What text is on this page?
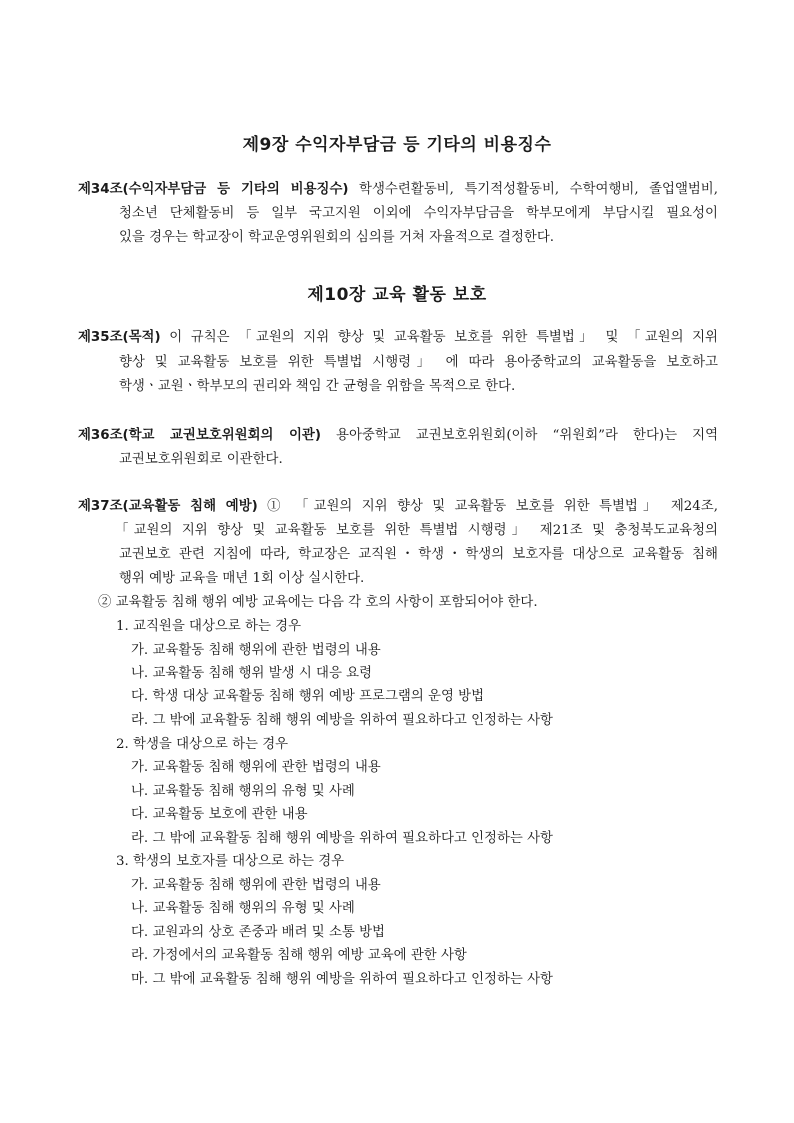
제9장 수익자부담금 등 기타의 비용징수
제34조(수익자부담금 등 기타의 비용징수) 학생수련활동비, 특기적성활동비, 수학여행비, 졸업앨범비,
청소년 단체활동비 등 일부 국고지원 이외에 수익자부담금을 학부모에게 부담시킬 필요성이
있을 경우는 학교장이 학교운영위원회의 심의를 거쳐 자율적으로 결정한다.
제10장 교육 활동 보호
제35조(목적) 이 규칙은 「교원의 지위 향상 및 교육활동 보호를 위한 특별법」 및 「교원의 지위
향상 및 교육활동 보호를 위한 특별법 시행령」 에 따라 용아중학교의 교육활동을 보호하고
학생ㆍ교원ㆍ학부모의 권리와 책임 간 균형을 위함을 목적으로 한다.
제36조(학교 교권보호위원회의 이관) 용아중학교 교권보호위원회(이하 “위원회”라 한다)는 지역
교권보호위원회로 이관한다.
제37조(교육활동 침해 예방) ① 「교원의 지위 향상 및 교육활동 보호를 위한 특별법」 제24조,
「교원의 지위 향상 및 교육활동 보호를 위한 특별법 시행령」 제21조 및 충청북도교육청의
교권보호 관련 지침에 따라, 학교장은 교직원・학생・학생의 보호자를 대상으로 교육활동 침해
행위 예방 교육을 매년 1회 이상 실시한다.
② 교육활동 침해 행위 예방 교육에는 다음 각 호의 사항이 포함되어야 한다.
1. 교직원을 대상으로 하는 경우
가. 교육활동 침해 행위에 관한 법령의 내용
나. 교육활동 침해 행위 발생 시 대응 요령
다. 학생 대상 교육활동 침해 행위 예방 프로그램의 운영 방법
라. 그 밖에 교육활동 침해 행위 예방을 위하여 필요하다고 인정하는 사항
2. 학생을 대상으로 하는 경우
가. 교육활동 침해 행위에 관한 법령의 내용
나. 교육활동 침해 행위의 유형 및 사례
다. 교육활동 보호에 관한 내용
라. 그 밖에 교육활동 침해 행위 예방을 위하여 필요하다고 인정하는 사항
3. 학생의 보호자를 대상으로 하는 경우
가. 교육활동 침해 행위에 관한 법령의 내용
나. 교육활동 침해 행위의 유형 및 사례
다. 교원과의 상호 존중과 배려 및 소통 방법
라. 가정에서의 교육활동 침해 행위 예방 교육에 관한 사항
마. 그 밖에 교육활동 침해 행위 예방을 위하여 필요하다고 인정하는 사항
